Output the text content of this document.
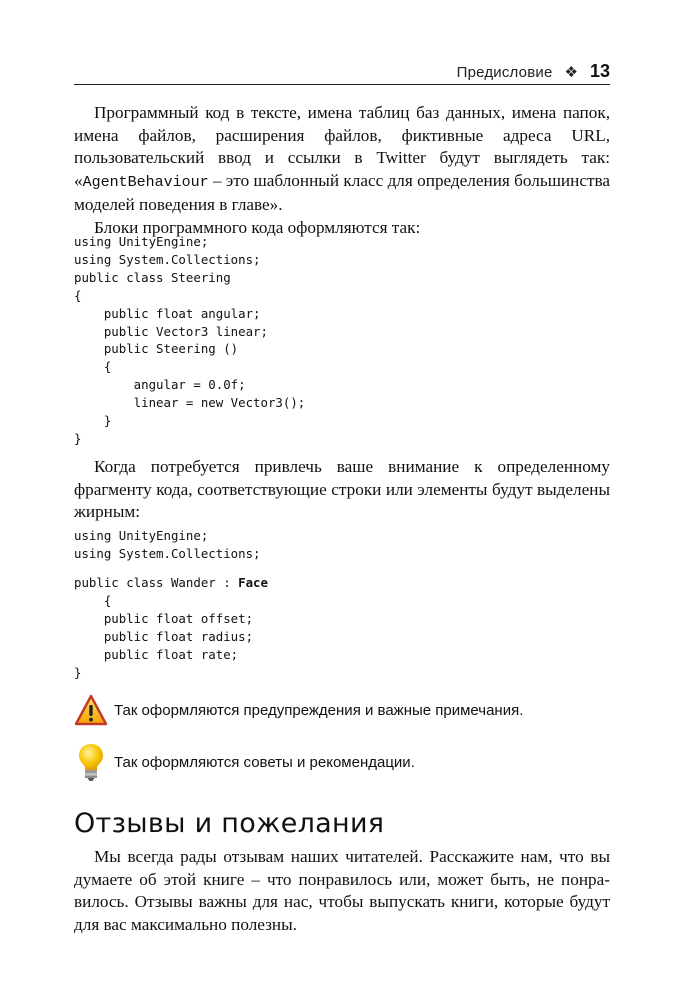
Предисловие ❖ 13

Программный код в тексте, имена таблиц баз данных, имена папок, имена файлов, расширения файлов, фиктивные адреса URL, пользовательский ввод и ссылки в Twitter будут выглядеть так: «AgentBehaviour – это шаблонный класс для определения большинства моделей поведения в главе».

Блоки программного кода оформляются так:

using UnityEngine;
using System.Collections;
public class Steering
{
public float angular;
public Vector3 linear;
public Steering ()
{
angular = 0.0f;
linear = new Vector3();
}
}

Когда потребуется привлечь ваше внимание к определенному фрагменту кода, соответствующие строки или элементы будут выделены жирным:

using UnityEngine;
using System.Collections;
public class Wander : Face
{
public float offset;
public float radius;
public float rate;
}
Так оформляются предупреждения и важные примечания.
Так оформляются советы и рекомендации.
Отзывы и пожелания

Мы всегда рады отзывам наших читателей. Расскажите нам, что вы думаете об этой книге – что понравилось или, может быть, не понравилось. Отзывы важны для нас, чтобы выпускать книги, которые будут для вас максимально полезны.
